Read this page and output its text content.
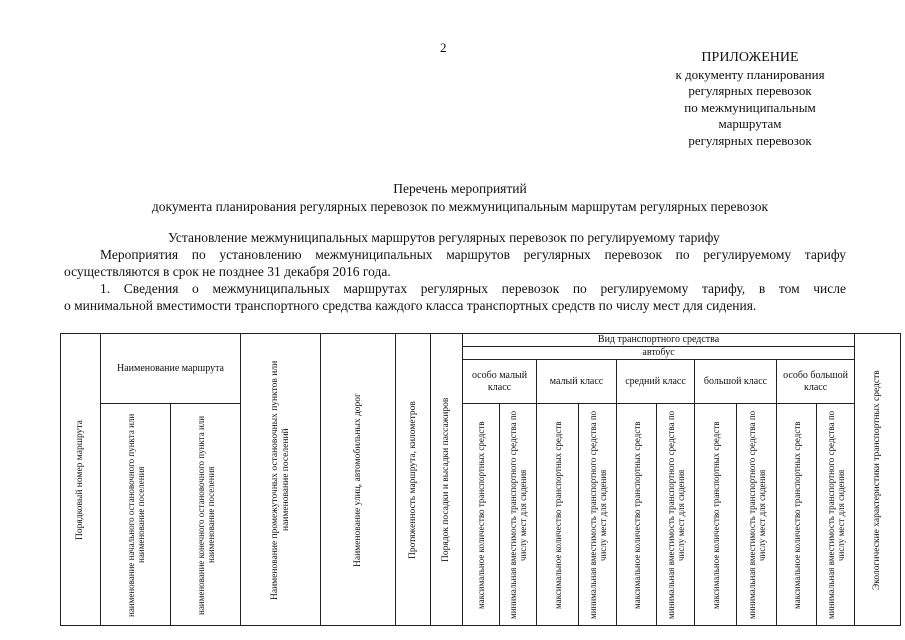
2
ПРИЛОЖЕНИЕ
к документу планирования
регулярных перевозок
по межмуниципальным
маршрутам
регулярных перевозок
Перечень мероприятий
документа планирования регулярных перевозок по межмуниципальным маршрутам регулярных перевозок
Установление межмуниципальных маршрутов регулярных перевозок по регулируемому тарифу
Мероприятия по установлению межмуниципальных маршрутов регулярных перевозок по регулируемому тарифу
осуществляются в срок не позднее 31 декабря 2016 года.
1. Сведения о межмуниципальных маршрутах регулярных перевозок по регулируемому тарифу, в том числе
о минимальной вместимости транспортного средства каждого класса транспортных средств по числу мест для сидения.
Порядковый номер маршрута	Наименование маршрута		Наименование промежуточных остановочных пунктов или наименование поселений	Наименование улиц, автомобильных дорог	Протяженность маршрута, километров	Порядок посадки и высадки пассажиров	Вид транспортного средства										Экологические характеристики транспортных средств

							автобус										
							особо малый класс		малый класс		средний класс		большой класс		особо большой класс		

	наименование начального остановочного пункта или наименование поселения	наименование конечного остановочного пункта или наименование поселения					максимальное количество транспортных средств	минимальная вместимость транспортного средства по числу мест для сидения	максимальное количество транспортных средств	минимальная вместимость транспортного средства по числу мест для сидения	максимальное количество транспортных средств	минимальная вместимость транспортного средства по числу мест для сидения	максимальное количество транспортных средств	минимальная вместимость транспортного средства по числу мест для сидения	максимальное количество транспортных средств	минимальная вместимость транспортного средства по числу мест для сидения	
